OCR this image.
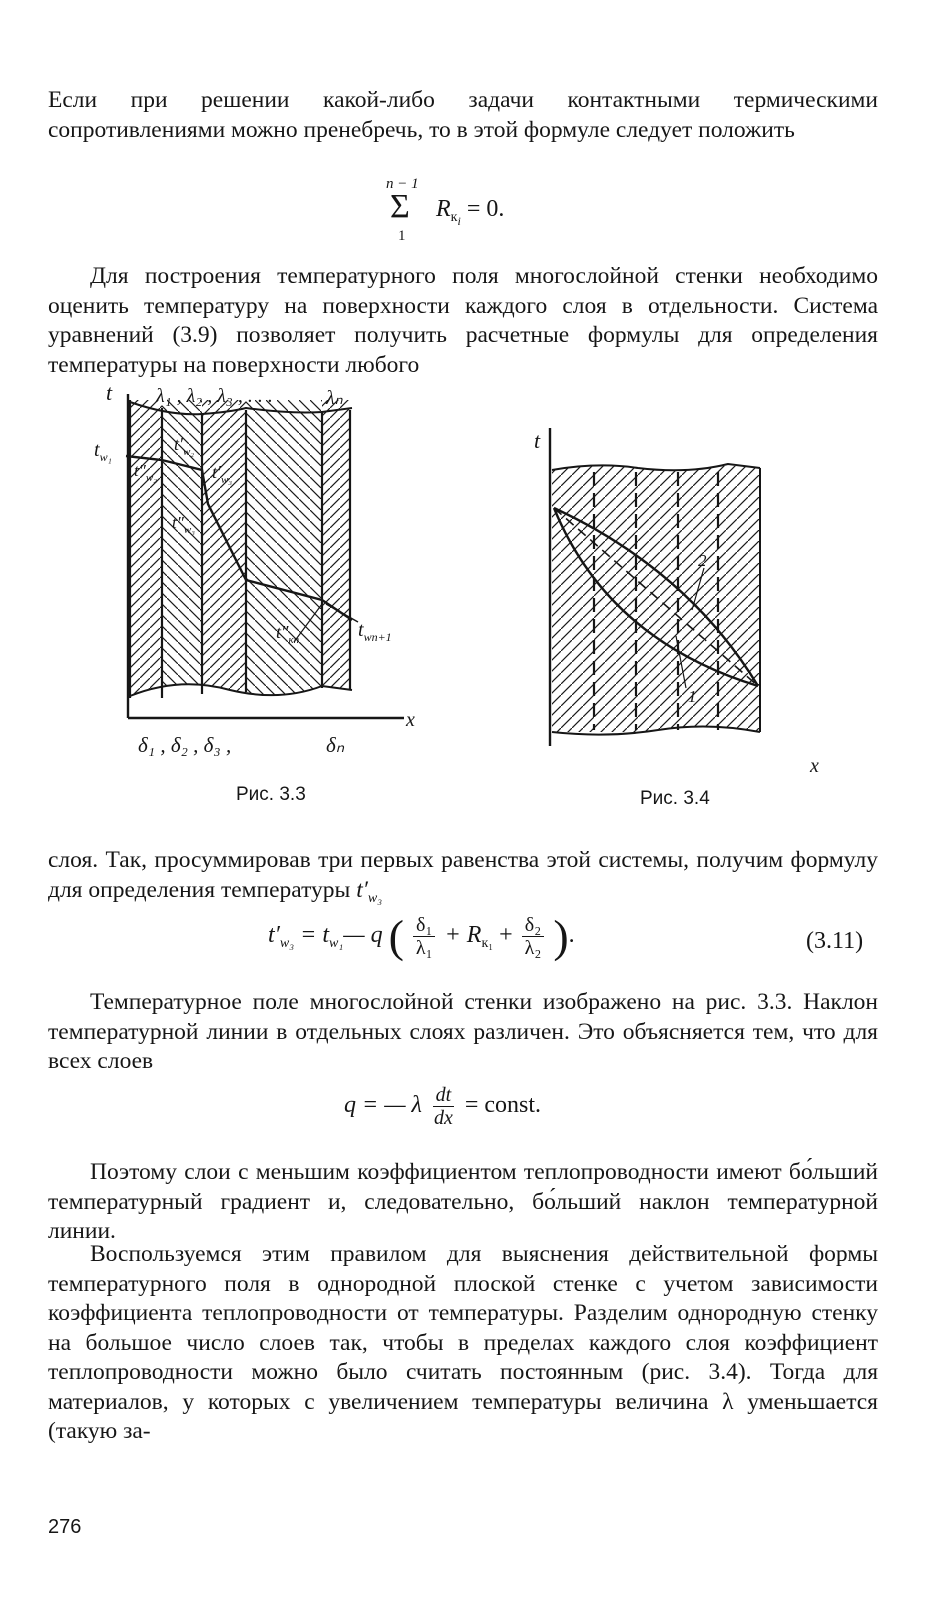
Если при решении какой-либо задачи контактными термическими сопротивлениями можно пренебречь, то в этой формуле следует положить

n − 1
Σ
1
$R_{кi} = 0$.

Для построения температурного поля многослойной стенки необходимо оценить температуру на поверхности каждого слоя в отдельности. Система уравнений (3.9) позволяет получить расчетные формулы для определения температуры на поверхности любого

t
x
λ₁ , λ₂ , λ₃ , . . .	λₙ
$t_{w_1}$
$t'_{w_2}$
$t''_{w_2}$	$t'_{w_3}$
$t''_{w_3}$
$t''_{кn}$	$t_{wn+1}$
δ₁ , δ₂ , δ₃ ,	δₙ
Рис. 3.3
t
x
2
1
Рис. 3.4

слоя. Так, просуммировав три первых равенства этой системы, получим формулу для определения температуры $t'_{w_3}$

$t'_{w_3}$ = $t_{w_1}—$ q ( $\frac{\text{δ₁}}{\text{λ₁}} + R_{к_1} + \frac{\text{δ₂}}{\text{λ₂}}$ ).	(3.11)

Температурное поле многослойной стенки изображено на рис. 3.3. Наклон температурной линии в отдельных слоях различен. Это объясняется тем, что для всех слоев

q = — λ $\frac{dt}{dx}$ = const.

Поэтому слои с меньшим коэффициентом теплопроводности имеют бо́льший температурный градиент и, следовательно, бо́льший наклон температурной линии.

Воспользуемся этим правилом для выяснения действительной формы температурного поля в однородной плоской стенке с учетом зависимости коэффициента теплопроводности от температуры. Разделим однородную стенку на большое число слоев так, чтобы в пределах каждого слоя коэффициент теплопроводности можно было считать постоянным (рис. 3.4). Тогда для материалов, у которых с увеличением температуры величина λ уменьшается (такую за-

276
